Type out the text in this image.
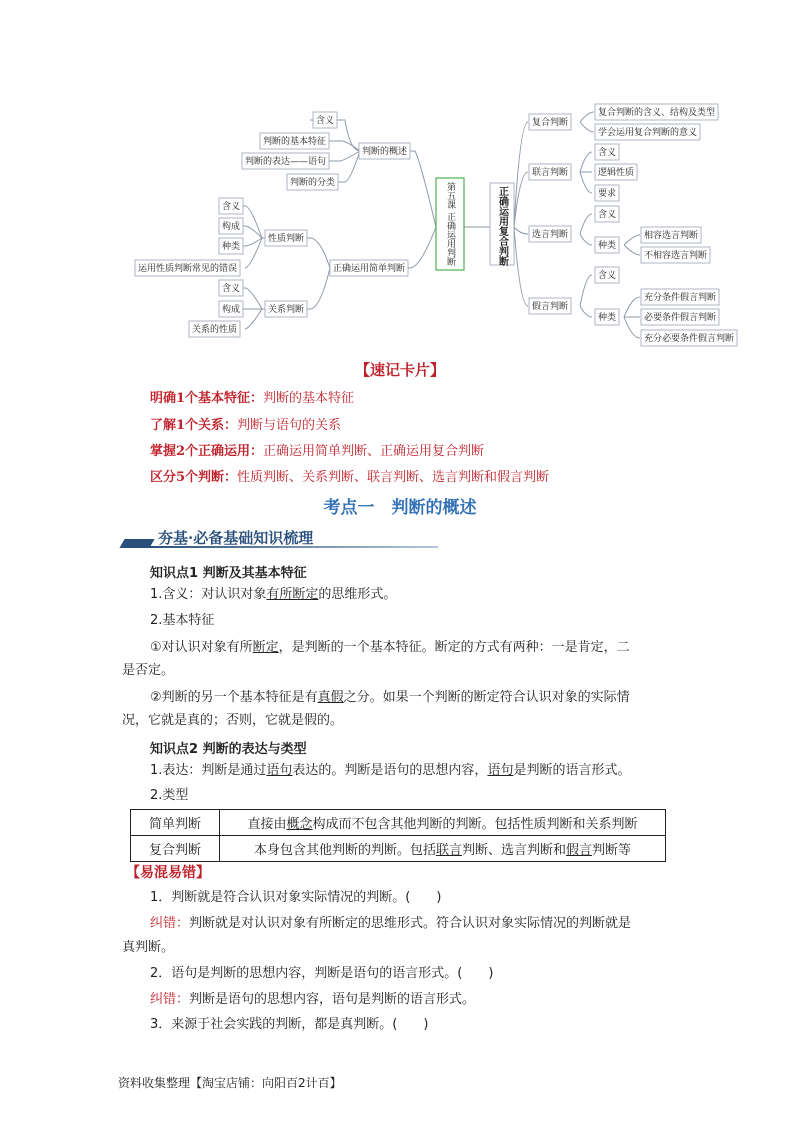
第五课 正确运用判断	正确运用复合判断
判断的概述
含义
判断的基本特征
判断的表达——语句
判断的分类
正确运用简单判断
性质判断
含义
构成
种类
运用性质判断常见的错误
关系判断
含义
构成
关系的性质
复合判断
复合判断的含义、结构及类型
学会运用复合判断的意义
联言判断
含义
逻辑性质
要求
选言判断
含义
种类
相容选言判断
不相容选言判断
假言判断
含义
种类
充分条件假言判断
必要条件假言判断
充分必要条件假言判断
【速记卡片】
明确1个基本特征：判断的基本特征
了解1个关系：判断与语句的关系
掌握2个正确运用：正确运用简单判断、正确运用复合判断
区分5个判断：性质判断、关系判断、联言判断、选言判断和假言判断
考点一　判断的概述
夯基·必备基础知识梳理
知识点1 判断及其基本特征
1.含义：对认识对象有所断定的思维形式。
2.基本特征
①对认识对象有所断定，是判断的一个基本特征。断定的方式有两种：一是肯定，二
是否定。
②判断的另一个基本特征是有真假之分。如果一个判断的断定符合认识对象的实际情
况，它就是真的；否则，它就是假的。
知识点2 判断的表达与类型
1.表达：判断是通过语句表达的。判断是语句的思想内容，语句是判断的语言形式。
2.类型
简单判断	直接由概念构成而不包含其他判断的判断。包括性质判断和关系判断
复合判断	本身包含其他判断的判断。包括联言判断、选言判断和假言判断等
【易混易错】
1．判断就是符合认识对象实际情况的判断。(　　)
纠错：判断就是对认识对象有所断定的思维形式。符合认识对象实际情况的判断就是
真判断。
2．语句是判断的思想内容，判断是语句的语言形式。(　　)
纠错：判断是语句的思想内容，语句是判断的语言形式。
3．来源于社会实践的判断，都是真判断。(　　)
资料收集整理【淘宝店铺：向阳百2计百】
